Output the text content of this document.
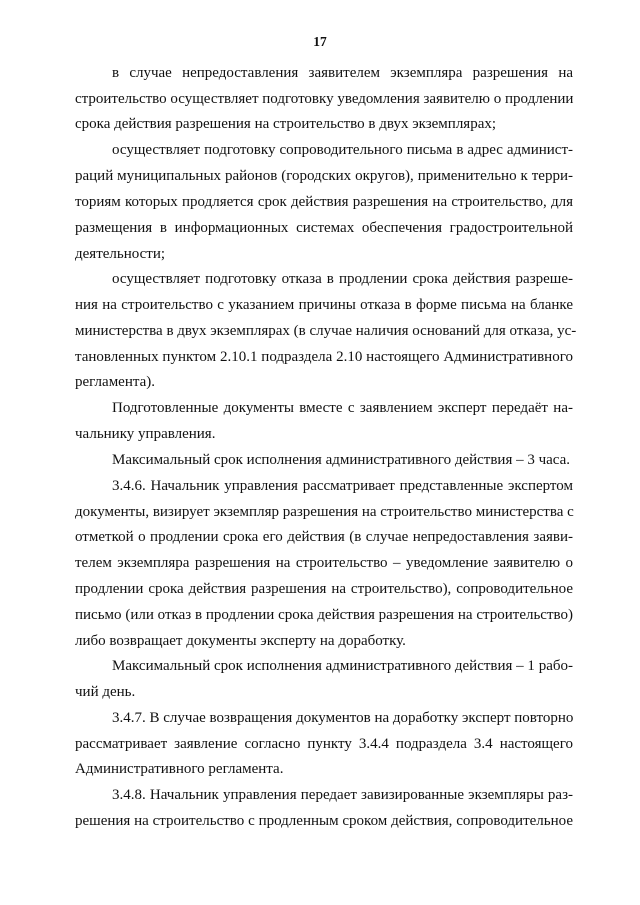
17
в случае непредоставления заявителем экземпляра разрешения на
строительство осуществляет подготовку уведомления заявителю о продлении
срока действия разрешения на строительство в двух экземплярах;
осуществляет подготовку сопроводительного письма в адрес админист-
раций муниципальных районов (городских округов), применительно к терри-
ториям которых продляется срок действия разрешения на строительство, для
размещения в информационных системах обеспечения градостроительной
деятельности;
осуществляет подготовку отказа в продлении срока действия разреше-
ния на строительство с указанием причины отказа в форме письма на бланке
министерства в двух экземплярах (в случае наличия оснований для отказа, ус-
тановленных пунктом 2.10.1 подраздела 2.10 настоящего Административного
регламента).
Подготовленные документы вместе с заявлением эксперт передаёт на-
чальнику управления.
Максимальный срок исполнения административного действия – 3 часа.
3.4.6. Начальник управления рассматривает представленные экспертом
документы, визирует экземпляр разрешения на строительство министерства с
отметкой о продлении срока его действия (в случае непредоставления заяви-
телем экземпляра разрешения на строительство – уведомление заявителю о
продлении срока действия разрешения на строительство), сопроводительное
письмо (или отказ в продлении срока действия разрешения на строительство)
либо возвращает документы эксперту на доработку.
Максимальный срок исполнения административного действия – 1 рабо-
чий день.
3.4.7. В случае возвращения документов на доработку эксперт повторно
рассматривает заявление согласно пункту 3.4.4 подраздела 3.4 настоящего
Административного регламента.
3.4.8. Начальник управления передает завизированные экземпляры раз-
решения на строительство с продленным сроком действия, сопроводительное
